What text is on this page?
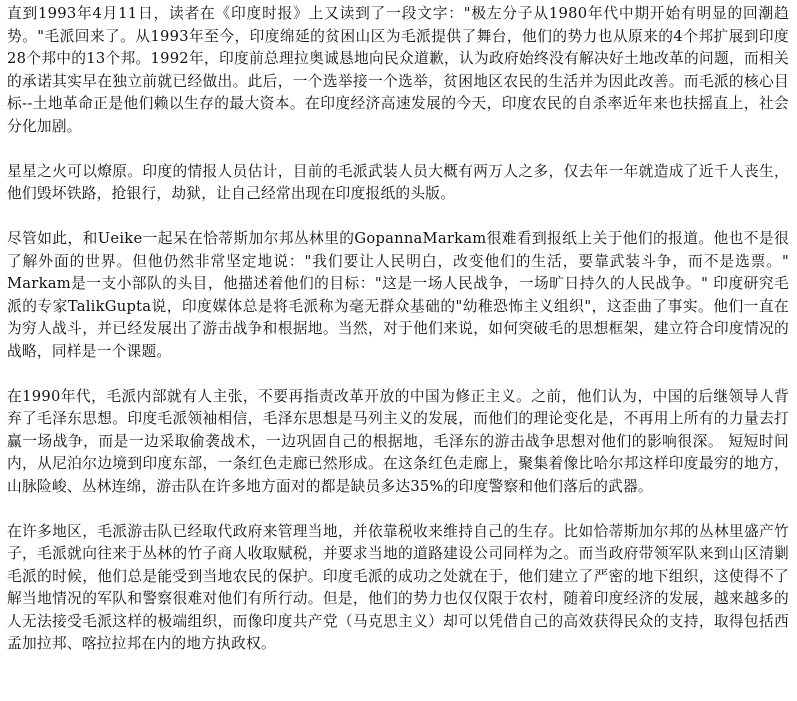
直到1993年4月11日，读者在《印度时报》上又读到了一段文字："极左分子从1980年代中期开始有明显的回潮趋势。"毛派回来了。从1993年至今，印度绵延的贫困山区为毛派提供了舞台，他们的势力也从原来的4个邦扩展到印度28个邦中的13个邦。1992年，印度前总理拉奥诚恳地向民众道歉，认为政府始终没有解决好土地改革的问题，而相关的承诺其实早在独立前就已经做出。此后，一个选举接一个选举，贫困地区农民的生活并为因此改善。而毛派的核心目标--土地革命正是他们赖以生存的最大资本。在印度经济高速发展的今天，印度农民的自杀率近年来也扶摇直上，社会分化加剧。

星星之火可以燎原。印度的情报人员估计，目前的毛派武装人员大概有两万人之多，仅去年一年就造成了近千人丧生，他们毁坏铁路，抢银行，劫狱，让自己经常出现在印度报纸的头版。

尽管如此，和Ueike一起呆在恰蒂斯加尔邦丛林里的GopannaMarkam很难看到报纸上关于他们的报道。他也不是很了解外面的世界。但他仍然非常坚定地说："我们要让人民明白，改变他们的生活，要靠武装斗争，而不是选票。" Markam是一支小部队的头目，他描述着他们的目标："这是一场人民战争，一场旷日持久的人民战争。" 印度研究毛派的专家TalikGupta说，印度媒体总是将毛派称为毫无群众基础的"幼稚恐怖主义组织"，这歪曲了事实。他们一直在为穷人战斗，并已经发展出了游击战争和根据地。当然，对于他们来说，如何突破毛的思想框架，建立符合印度情况的战略，同样是一个课题。

在1990年代，毛派内部就有人主张，不要再指责改革开放的中国为修正主义。之前，他们认为，中国的后继领导人背弃了毛泽东思想。印度毛派领袖相信，毛泽东思想是马列主义的发展，而他们的理论变化是，不再用上所有的力量去打赢一场战争，而是一边采取偷袭战术，一边巩固自己的根据地，毛泽东的游击战争思想对他们的影响很深。 短短时间内，从尼泊尔边境到印度东部，一条红色走廊已然形成。在这条红色走廊上，聚集着像比哈尔邦这样印度最穷的地方，山脉险峻、丛林连绵，游击队在许多地方面对的都是缺员多达35%的印度警察和他们落后的武器。

在许多地区，毛派游击队已经取代政府来管理当地，并依靠税收来维持自己的生存。比如恰蒂斯加尔邦的丛林里盛产竹子，毛派就向往来于丛林的竹子商人收取赋税，并要求当地的道路建设公司同样为之。而当政府带领军队来到山区清剿毛派的时候，他们总是能受到当地农民的保护。印度毛派的成功之处就在于，他们建立了严密的地下组织，这使得不了解当地情况的军队和警察很难对他们有所行动。但是，他们的势力也仅仅限于农村，随着印度经济的发展，越来越多的人无法接受毛派这样的极端组织，而像印度共产党（马克思主义）却可以凭借自己的高效获得民众的支持，取得包括西孟加拉邦、喀拉拉邦在内的地方执政权。
